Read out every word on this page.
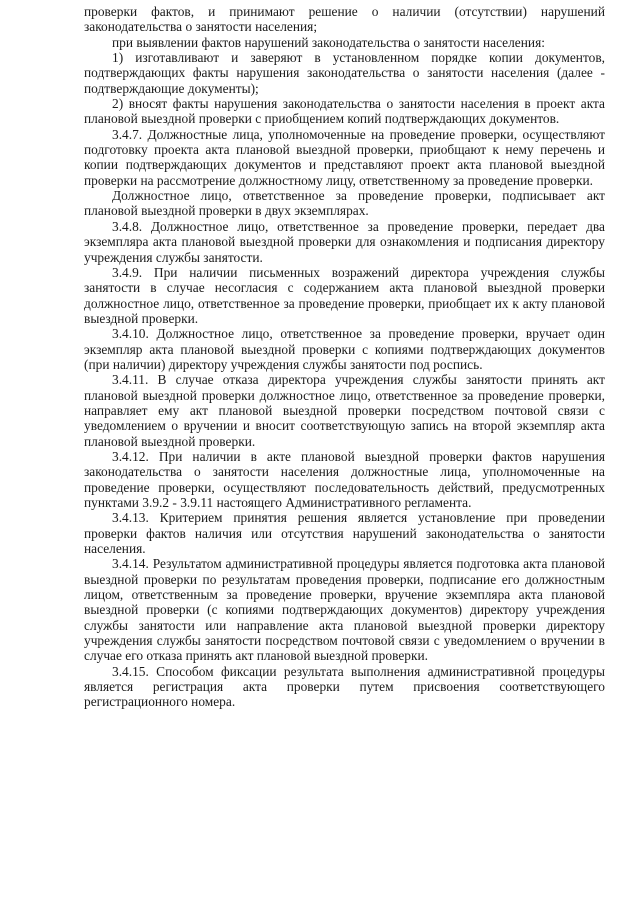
проверки фактов, и принимают решение о наличии (отсутствии) нарушений законодательства о занятости населения;

при выявлении фактов нарушений законодательства о занятости населения:

1) изготавливают и заверяют в установленном порядке копии документов, подтверждающих факты нарушения законодательства о занятости населения (далее - подтверждающие документы);

2) вносят факты нарушения законодательства о занятости населения в проект акта плановой выездной проверки с приобщением копий подтверждающих документов.

3.4.7. Должностные лица, уполномоченные на проведение проверки, осуществляют подготовку проекта акта плановой выездной проверки, приобщают к нему перечень и копии подтверждающих документов и представляют проект акта плановой выездной проверки на рассмотрение должностному лицу, ответственному за проведение проверки.

Должностное лицо, ответственное за проведение проверки, подписывает акт плановой выездной проверки в двух экземплярах.

3.4.8. Должностное лицо, ответственное за проведение проверки, передает два экземпляра акта плановой выездной проверки для ознакомления и подписания директору учреждения службы занятости.

3.4.9. При наличии письменных возражений директора учреждения службы занятости в случае несогласия с содержанием акта плановой выездной проверки должностное лицо, ответственное за проведение проверки, приобщает их к акту плановой выездной проверки.

3.4.10. Должностное лицо, ответственное за проведение проверки, вручает один экземпляр акта плановой выездной проверки с копиями подтверждающих документов (при наличии) директору учреждения службы занятости под роспись.

3.4.11. В случае отказа директора учреждения службы занятости принять акт плановой выездной проверки должностное лицо, ответственное за проведение проверки, направляет ему акт плановой выездной проверки посредством почтовой связи с уведомлением о вручении и вносит соответствующую запись на второй экземпляр акта плановой выездной проверки.

3.4.12. При наличии в акте плановой выездной проверки фактов нарушения законодательства о занятости населения должностные лица, уполномоченные на проведение проверки, осуществляют последовательность действий, предусмотренных пунктами 3.9.2 - 3.9.11 настоящего Административного регламента.

3.4.13. Критерием принятия решения является установление при проведении проверки фактов наличия или отсутствия нарушений законодательства о занятости населения.

3.4.14. Результатом административной процедуры является подготовка акта плановой выездной проверки по результатам проведения проверки, подписание его должностным лицом, ответственным за проведение проверки, вручение экземпляра акта плановой выездной проверки (с копиями подтверждающих документов) директору учреждения службы занятости или направление акта плановой выездной проверки директору учреждения службы занятости посредством почтовой связи с уведомлением о вручении в случае его отказа принять акт плановой выездной проверки.

3.4.15. Способом фиксации результата выполнения административной процедуры является регистрация акта проверки путем присвоения соответствующего регистрационного номера.
